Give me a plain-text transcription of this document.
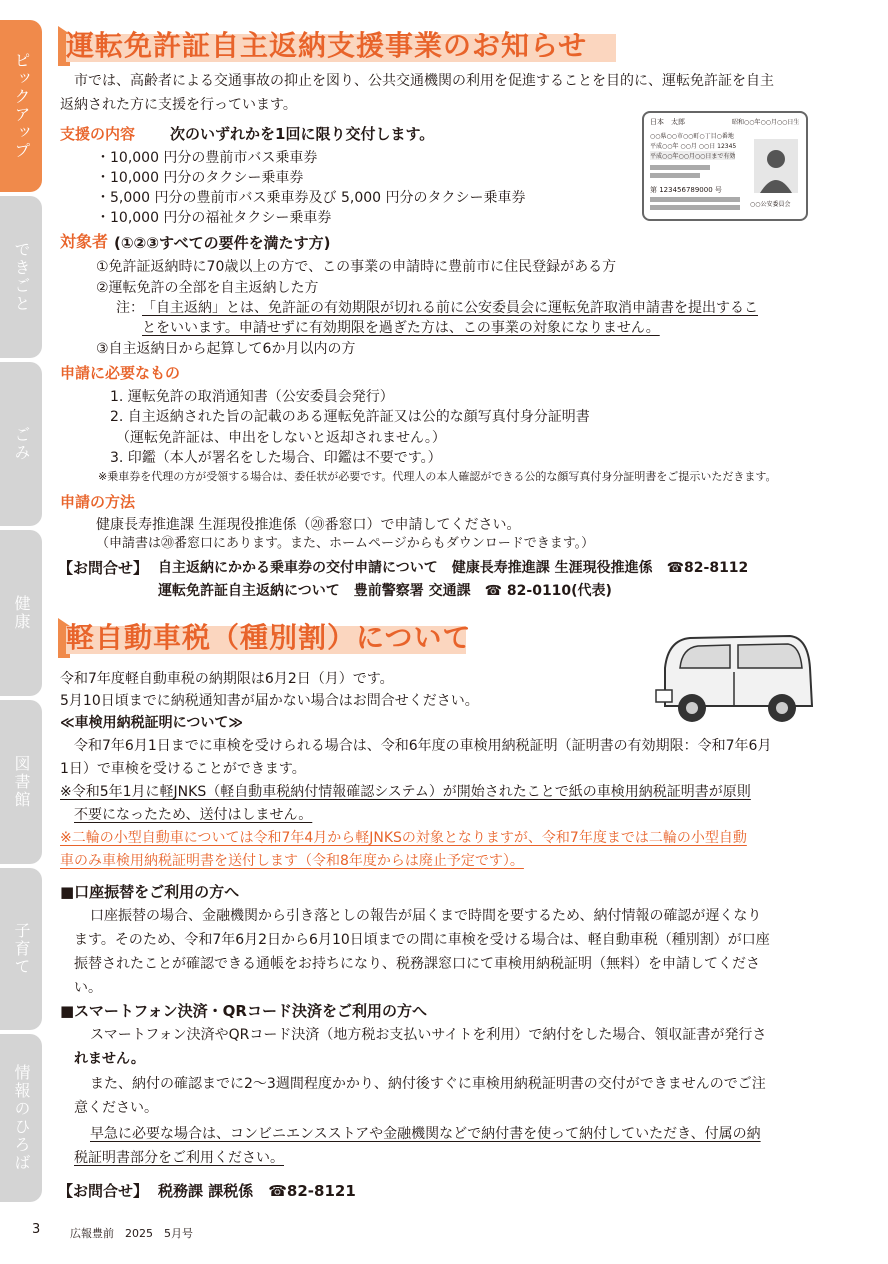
ピックアップ
できごと
ごみ
健康
図書館
子育て
情報のひろば
運転免許証自主返納支援事業のお知らせ
市では、高齢者による交通事故の抑止を図り、公共交通機関の利用を促進することを目的に、運転免許証を自主
返納された方に支援を行っています。
支援の内容 次のいずれかを1回に限り交付します。
・10,000 円分の豊前市バス乗車券
・10,000 円分のタクシー乗車券
・5,000 円分の豊前市バス乗車券及び 5,000 円分のタクシー乗車券
・10,000 円分の福祉タクシー乗車券
日本　太郎	昭和○○年○○月○○日生
○○県○○市○○町○丁目○番地
平成○○年 ○○月 ○○日 12345
平成○○年○○月○○日まで有効
第 123456789000 号
○○公安委員会
対象者 (①②③すべての要件を満たす方)
①免許証返納時に70歳以上の方で、この事業の申請時に豊前市に住民登録がある方
②運転免許の全部を自主返納した方
注：
「自主返納」とは、免許証の有効期限が切れる前に公安委員会に運転免許取消申請書を提出するこ
とをいいます。申請せずに有効期限を過ぎた方は、この事業の対象になりません。
③自主返納日から起算して6か月以内の方
申請に必要なもの
1. 運転免許の取消通知書（公安委員会発行）
2. 自主返納された旨の記載のある運転免許証又は公的な顔写真付身分証明書
（運転免許証は、申出をしないと返却されません。）
3. 印鑑（本人が署名をした場合、印鑑は不要です。）
※乗車券を代理の方が受領する場合は、委任状が必要です。代理人の本人確認ができる公的な顔写真付身分証明書をご提示いただきます。
申請の方法
健康長寿推進課 生涯現役推進係（⑳番窓口）で申請してください。
（申請書は⑳番窓口にあります。また、ホームページからもダウンロードできます。）
【お問合せ】 自主返納にかかる乗車券の交付申請について　健康長寿推進課 生涯現役推進係　☎82-8112
運転免許証自主返納について　豊前警察署 交通課　☎ 82-0110(代表)
軽自動車税（種別割）について
令和7年度軽自動車税の納期限は6月2日（月）です。
5月10日頃までに納税通知書が届かない場合はお問合せください。
≪車検用納税証明について≫
令和7年6月1日までに車検を受けられる場合は、令和6年度の車検用納税証明（証明書の有効期限：令和7年6月
1日）で車検を受けることができます。
※令和5年1月に軽JNKS（軽自動車税納付情報確認システム）が開始されたことで紙の車検用納税証明書が原則
不要になったため、送付はしません。
※二輪の小型自動車については令和7年4月から軽JNKSの対象となりますが、令和7年度までは二輪の小型自動
車のみ車検用納税証明書を送付します（令和8年度からは廃止予定です）。
■口座振替をご利用の方へ
口座振替の場合、金融機関から引き落としの報告が届くまで時間を要するため、納付情報の確認が遅くなり
ます。そのため、令和7年6月2日から6月10日頃までの間に車検を受ける場合は、軽自動車税（種別割）が口座
振替されたことが確認できる通帳をお持ちになり、税務課窓口にて車検用納税証明（無料）を申請してくださ
い。
■スマートフォン決済・QRコード決済をご利用の方へ
スマートフォン決済やQRコード決済（地方税お支払いサイトを利用）で納付をした場合、領収証書が発行さ
れません。
また、納付の確認までに2～3週間程度かかり、納付後すぐに車検用納税証明書の交付ができませんのでご注
意ください。
早急に必要な場合は、コンビニエンスストアや金融機関などで納付書を使って納付していただき、付属の納
税証明書部分をご利用ください。
【お問合せ】 税務課 課税係　☎82-8121
3	広報豊前　2025　5月号
